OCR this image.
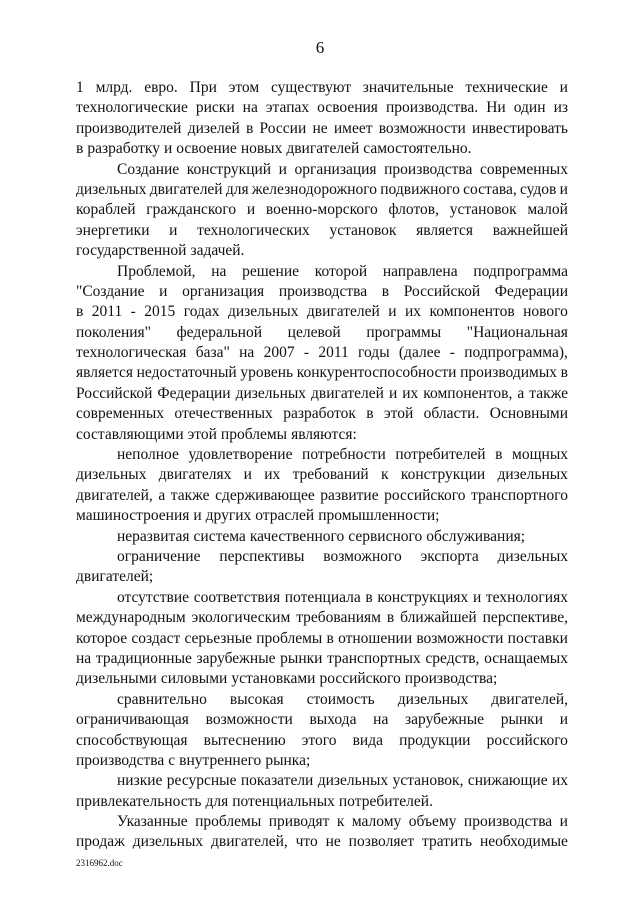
6
1 млрд. евро. При этом существуют значительные технические и
технологические риски на этапах освоения производства. Ни один из
производителей дизелей в России не имеет возможности инвестировать
в разработку и освоение новых двигателей самостоятельно.
Создание конструкций и организация производства современных
дизельных двигателей для железнодорожного подвижного состава, судов и
кораблей гражданского и военно-морского флотов, установок малой
энергетики и технологических установок является важнейшей
государственной задачей.
Проблемой, на решение которой направлена подпрограмма
"Создание и организация производства в Российской Федерации
в 2011 - 2015 годах дизельных двигателей и их компонентов нового
поколения" федеральной целевой программы "Национальная
технологическая база" на 2007 - 2011 годы (далее - подпрограмма),
является недостаточный уровень конкурентоспособности производимых в
Российской Федерации дизельных двигателей и их компонентов, а также
современных отечественных разработок в этой области. Основными
составляющими этой проблемы являются:
неполное удовлетворение потребности потребителей в мощных
дизельных двигателях и их требований к конструкции дизельных
двигателей, а также сдерживающее развитие российского транспортного
машиностроения и других отраслей промышленности;
неразвитая система качественного сервисного обслуживания;
ограничение перспективы возможного экспорта дизельных
двигателей;
отсутствие соответствия потенциала в конструкциях и технологиях
международным экологическим требованиям в ближайшей перспективе,
которое создаст серьезные проблемы в отношении возможности поставки
на традиционные зарубежные рынки транспортных средств, оснащаемых
дизельными силовыми установками российского производства;
сравнительно высокая стоимость дизельных двигателей,
ограничивающая возможности выхода на зарубежные рынки и
способствующая вытеснению этого вида продукции российского
производства с внутреннего рынка;
низкие ресурсные показатели дизельных установок, снижающие их
привлекательность для потенциальных потребителей.
Указанные проблемы приводят к малому объему производства и
продаж дизельных двигателей, что не позволяет тратить необходимые
2316962.doc
